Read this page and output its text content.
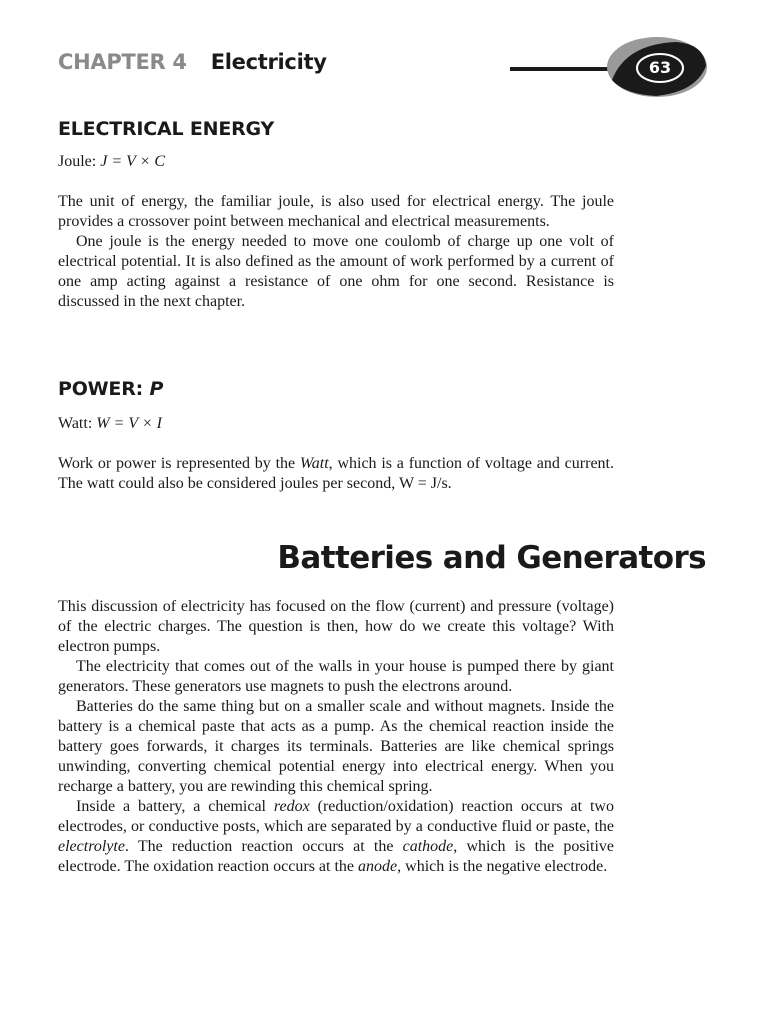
CHAPTER 4 Electricity	63
ELECTRICAL ENERGY
Joule: J = V × C

The unit of energy, the familiar joule, is also used for electrical energy. The joule provides a crossover point between mechanical and electrical measurements.

One joule is the energy needed to move one coulomb of charge up one volt of electrical potential. It is also defined as the amount of work performed by a current of one amp acting against a resistance of one ohm for one second. Resistance is discussed in the next chapter.

POWER: P
Watt: W = V × I

Work or power is represented by the Watt, which is a function of voltage and current. The watt could also be considered joules per second, W = J/s.

Batteries and Generators

This discussion of electricity has focused on the flow (current) and pressure (voltage) of the electric charges. The question is then, how do we create this voltage? With electron pumps.

The electricity that comes out of the walls in your house is pumped there by giant generators. These generators use magnets to push the electrons around.

Batteries do the same thing but on a smaller scale and without magnets. Inside the battery is a chemical paste that acts as a pump. As the chemical reaction inside the battery goes forwards, it charges its terminals. Batteries are like chemical springs unwinding, converting chemical potential energy into electrical energy. When you recharge a battery, you are rewinding this chemical spring.

Inside a battery, a chemical redox (reduction/oxidation) reaction occurs at two electrodes, or conductive posts, which are separated by a conductive fluid or paste, the electrolyte. The reduction reaction occurs at the cathode, which is the positive electrode. The oxidation reaction occurs at the anode, which is the negative electrode.
